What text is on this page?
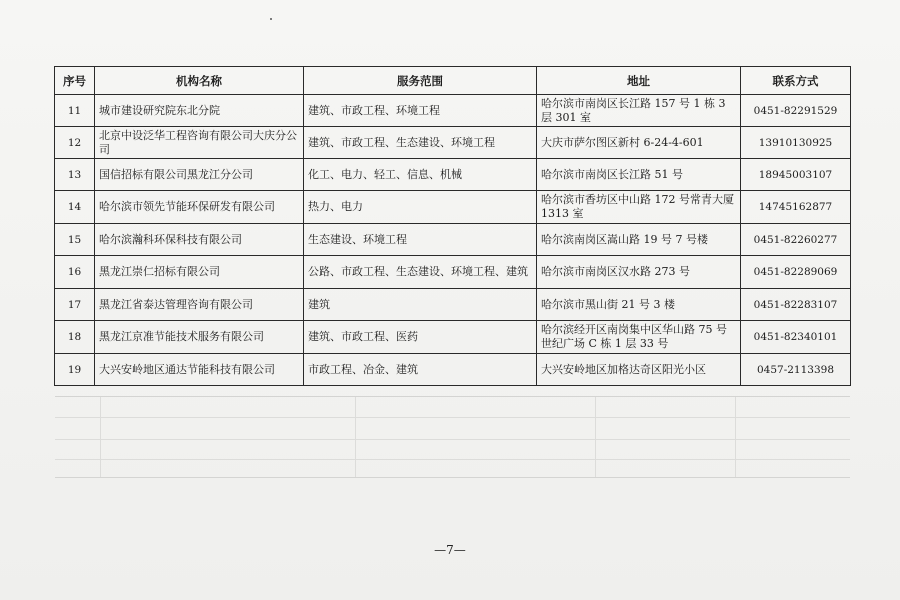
序号	机构名称	服务范围	地址	联系方式
11	城市建设研究院东北分院	建筑、市政工程、环境工程	哈尔滨市南岗区长江路 157 号 1 栋 3 层 301 室	0451-82291529
12	北京中设泛华工程咨询有限公司大庆分公司	建筑、市政工程、生态建设、环境工程	大庆市萨尔图区新村 6-24-4-601	13910130925
13	国信招标有限公司黑龙江分公司	化工、电力、轻工、信息、机械	哈尔滨市南岗区长江路 51 号	18945003107
14	哈尔滨市领先节能环保研发有限公司	热力、电力	哈尔滨市香坊区中山路 172 号常青大厦 1313 室	14745162877
15	哈尔滨瀚科环保科技有限公司	生态建设、环境工程	哈尔滨南岗区嵩山路 19 号 7 号楼	0451-82260277
16	黑龙江崇仁招标有限公司	公路、市政工程、生态建设、环境工程、建筑	哈尔滨市南岗区汉水路 273 号	0451-82289069
17	黑龙江省泰达管理咨询有限公司	建筑	哈尔滨市黑山街 21 号 3 楼	0451-82283107
18	黑龙江京准节能技术服务有限公司	建筑、市政工程、医药	哈尔滨经开区南岗集中区华山路 75 号世纪广场 C 栋 1 层 33 号	0451-82340101
19	大兴安岭地区通达节能科技有限公司	市政工程、冶金、建筑	大兴安岭地区加格达奇区阳光小区	0457-2113398
—7—
